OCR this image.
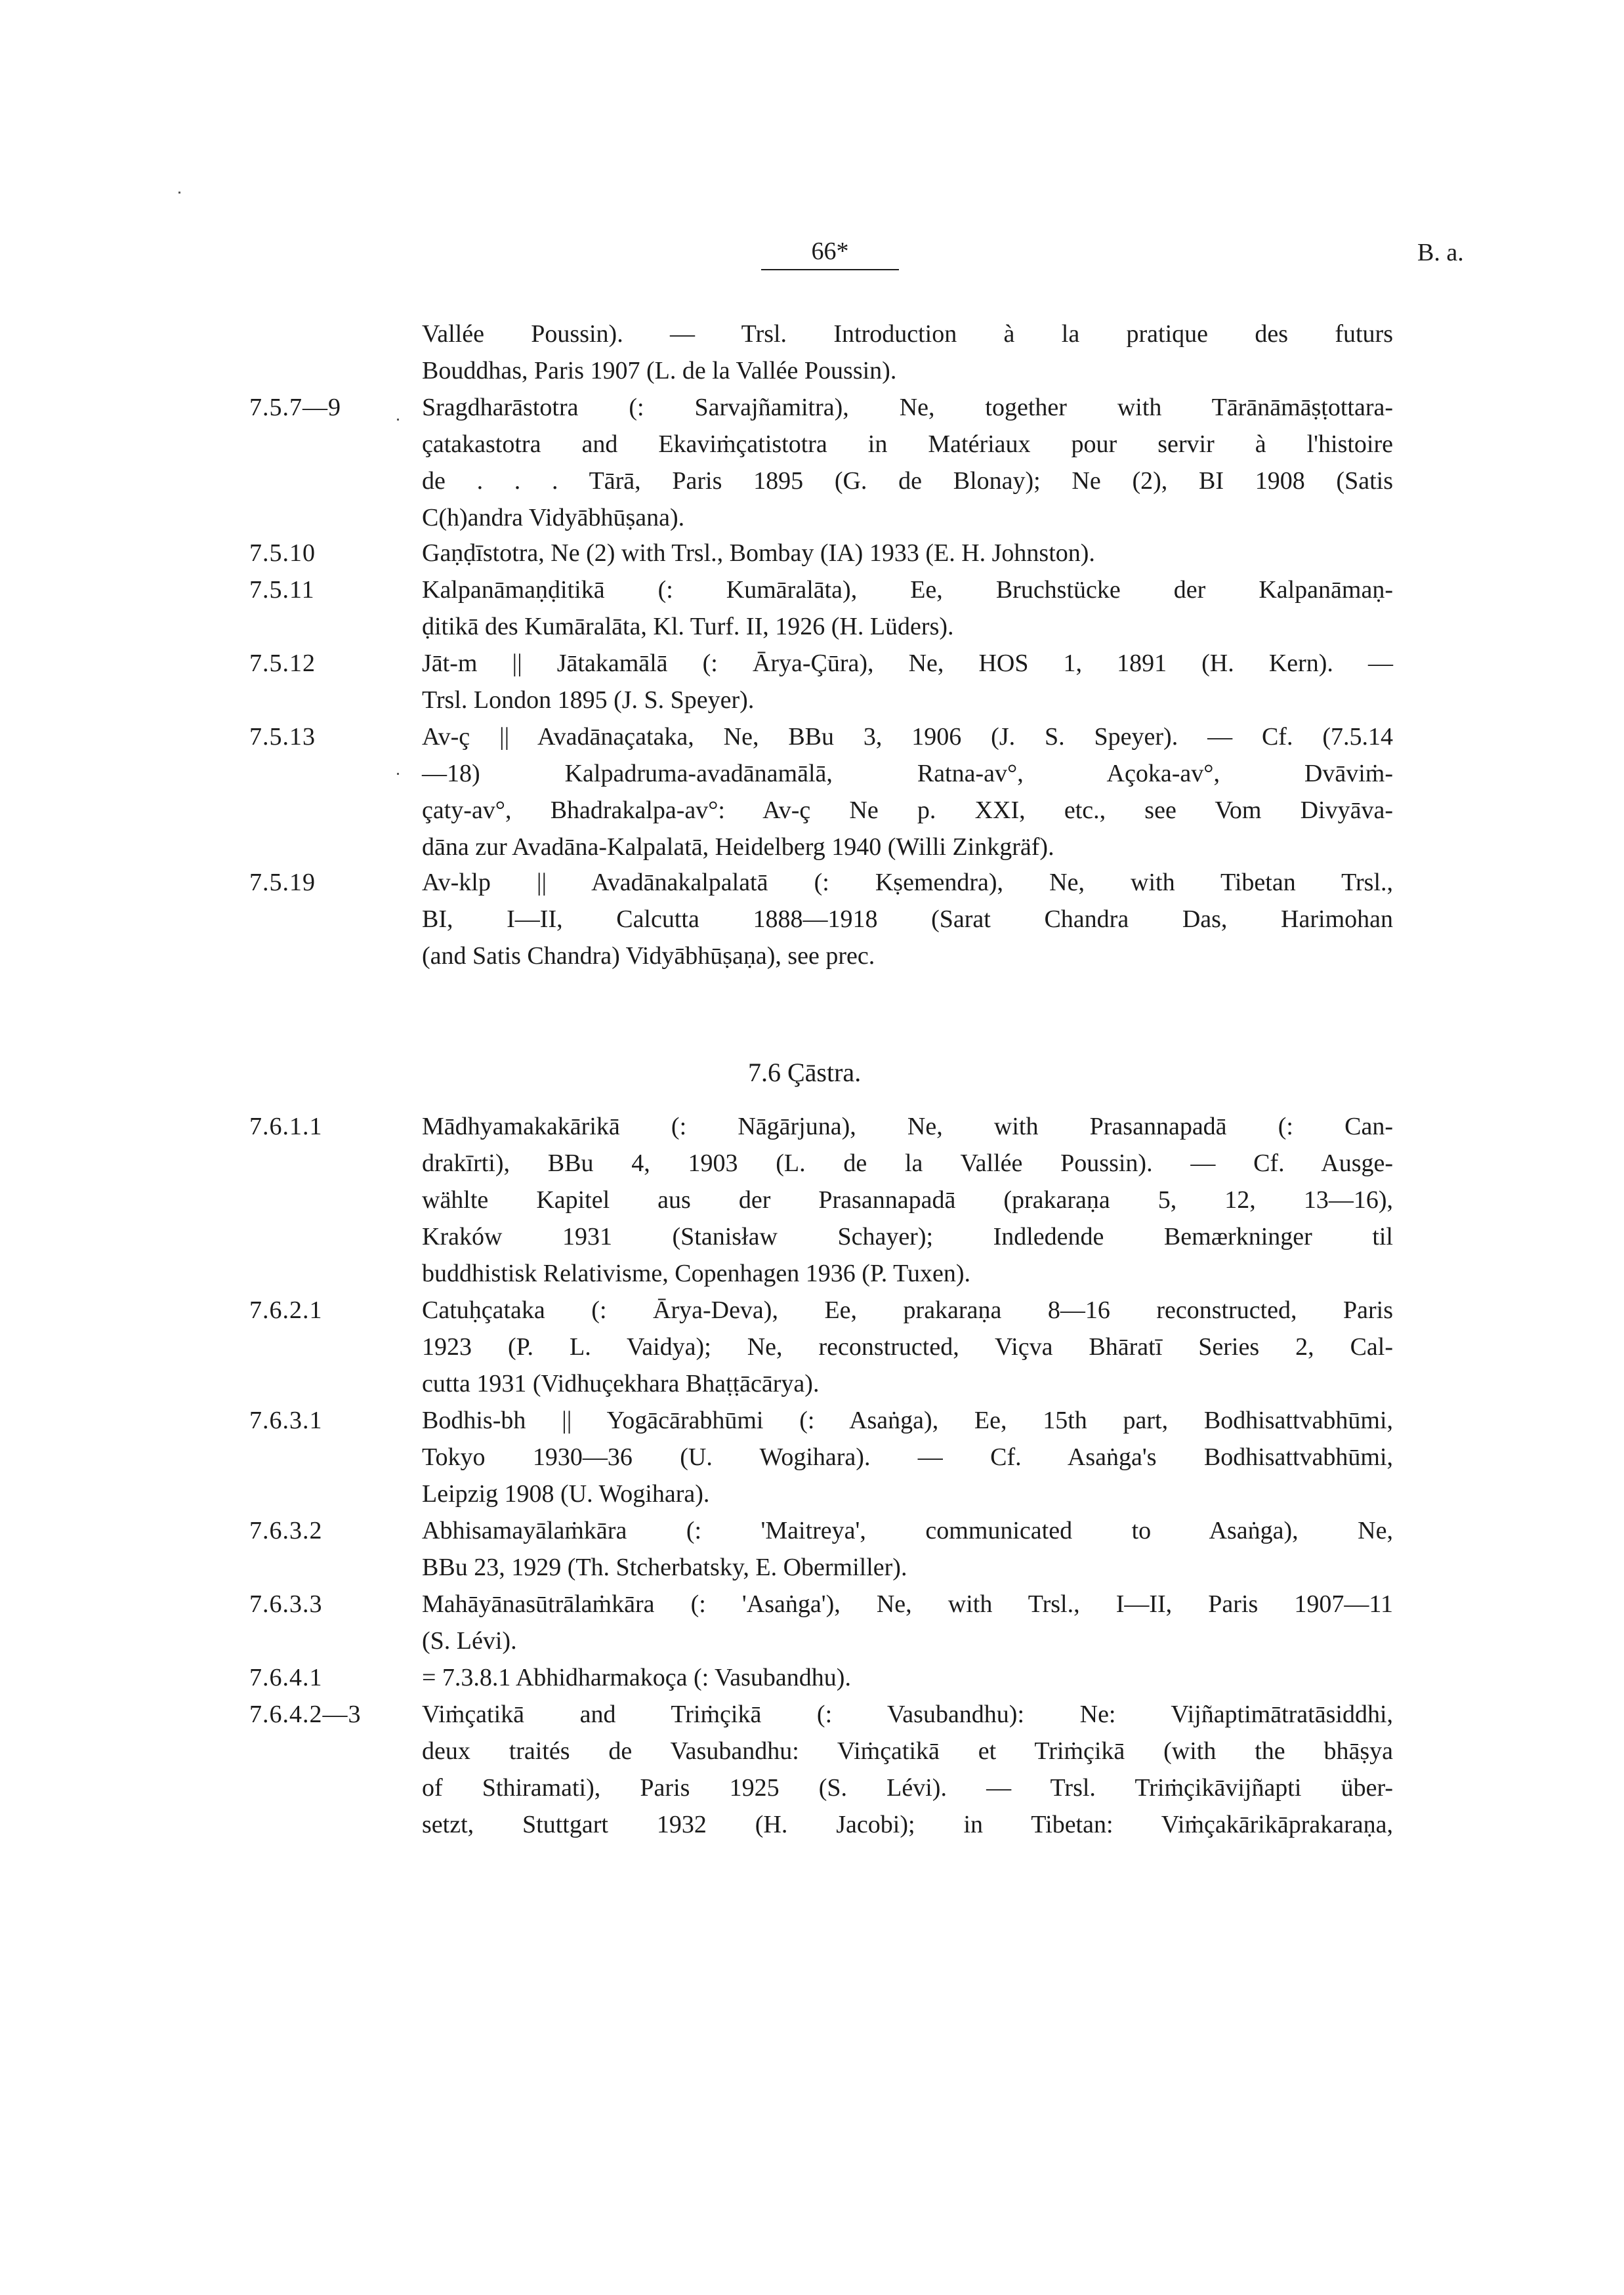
66*	B. a.
Vallée Poussin). — Trsl. Introduction à la pratique des futurs
Bouddhas, Paris 1907 (L. de la Vallée Poussin).
7.5.7—9	Sragdharāstotra (: Sarvajñamitra), Ne, together with Tārānāmāṣṭottara-
çatakastotra and Ekaviṁçatistotra in Matériaux pour servir à l'histoire
de . . . Tārā, Paris 1895 (G. de Blonay); Ne (2), BI 1908 (Satis
C(h)andra Vidyābhūṣana).
7.5.10	Gaṇḍīstotra, Ne (2) with Trsl., Bombay (IA) 1933 (E. H. Johnston).
7.5.11	Kalpanāmaṇḍitikā (: Kumāralāta), Ee, Bruchstücke der Kalpanāmaṇ-
ḍitikā des Kumāralāta, Kl. Turf. II, 1926 (H. Lüders).
7.5.12	Jāt-m || Jātakamālā (: Ārya-Çūra), Ne, HOS 1, 1891 (H. Kern). —
Trsl. London 1895 (J. S. Speyer).
7.5.13	Av-ç || Avadānaçataka, Ne, BBu 3, 1906 (J. S. Speyer). — Cf. (7.5.14
—18) Kalpadruma-avadānamālā, Ratna-av°, Açoka-av°, Dvāviṁ-
çaty-av°, Bhadrakalpa-av°: Av-ç Ne p. XXI, etc., see Vom Divyāva-
dāna zur Avadāna-Kalpalatā, Heidelberg 1940 (Willi Zinkgräf).
7.5.19	Av-klp || Avadānakalpalatā (: Kṣemendra), Ne, with Tibetan Trsl.,
BI, I—II, Calcutta 1888—1918 (Sarat Chandra Das, Harimohan
(and Satis Chandra) Vidyābhūṣaṇa), see prec.
7.6 Çāstra.
7.6.1.1	Mādhyamakakārikā (: Nāgārjuna), Ne, with Prasannapadā (: Can-
drakīrti), BBu 4, 1903 (L. de la Vallée Poussin). — Cf. Ausge-
wählte Kapitel aus der Prasannapadā (prakaraṇa 5, 12, 13—16),
Kraków 1931 (Stanisław Schayer); Indledende Bemærkninger til
buddhistisk Relativisme, Copenhagen 1936 (P. Tuxen).
7.6.2.1	Catuḥçataka (: Ārya-Deva), Ee, prakaraṇa 8—16 reconstructed, Paris
1923 (P. L. Vaidya); Ne, reconstructed, Viçva Bhāratī Series 2, Cal-
cutta 1931 (Vidhuçekhara Bhaṭṭācārya).
7.6.3.1	Bodhis-bh || Yogācārabhūmi (: Asaṅga), Ee, 15th part, Bodhisattvabhūmi,
Tokyo 1930—36 (U. Wogihara). — Cf. Asaṅga's Bodhisattvabhūmi,
Leipzig 1908 (U. Wogihara).
7.6.3.2	Abhisamayālaṁkāra (: 'Maitreya', communicated to Asaṅga), Ne,
BBu 23, 1929 (Th. Stcherbatsky, E. Obermiller).
7.6.3.3	Mahāyānasūtrālaṁkāra (: 'Asaṅga'), Ne, with Trsl., I—II, Paris 1907—11
(S. Lévi).
7.6.4.1	= 7.3.8.1 Abhidharmakoça (: Vasubandhu).
7.6.4.2—3 Viṁçatikā and Triṁçikā (: Vasubandhu): Ne: Vijñaptimātratāsiddhi,
deux traités de Vasubandhu: Viṁçatikā et Triṁçikā (with the bhāṣya
of Sthiramati), Paris 1925 (S. Lévi). — Trsl. Triṁçikāvijñapti über-
setzt, Stuttgart 1932 (H. Jacobi); in Tibetan: Viṁçakārikāprakaraṇa,
